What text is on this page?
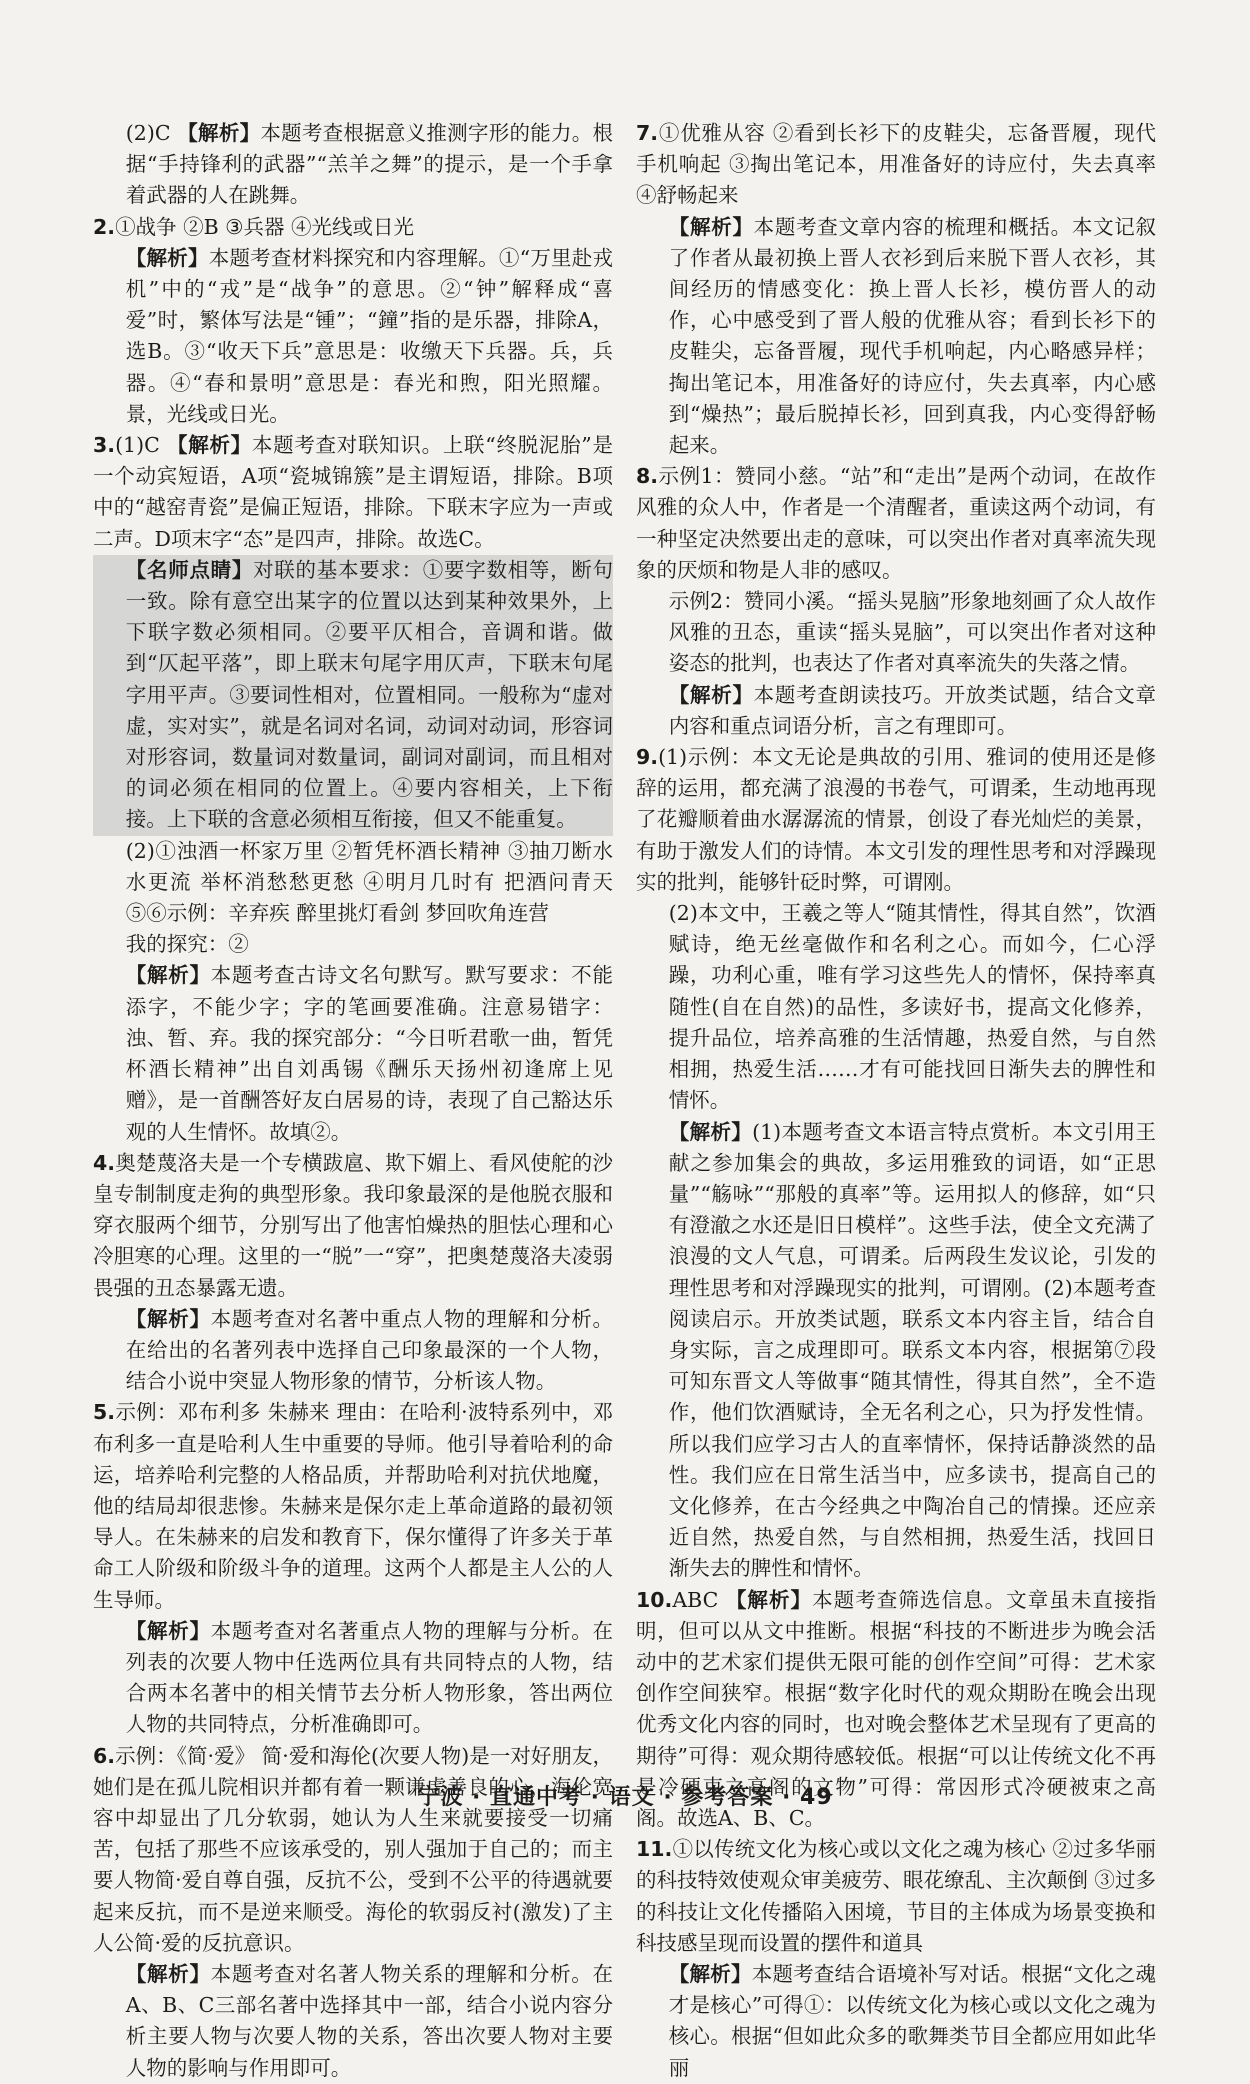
(2)C 【解析】本题考查根据意义推测字形的能力。根据“手持锋利的武器”“羔羊之舞”的提示，是一个手拿着武器的人在跳舞。

2.①战争 ②B ③兵器 ④光线或日光

【解析】本题考查材料探究和内容理解。①“万里赴戎机”中的“戎”是“战争”的意思。②“钟”解释成“喜爱”时，繁体写法是“锺”；“鐘”指的是乐器，排除A，选B。③“收天下兵”意思是：收缴天下兵器。兵，兵器。④“春和景明”意思是：春光和煦，阳光照耀。景，光线或日光。

3.(1)C 【解析】本题考查对联知识。上联“终脱泥胎”是一个动宾短语，A项“瓷城锦簇”是主谓短语，排除。B项中的“越窑青瓷”是偏正短语，排除。下联末字应为一声或二声。D项末字“态”是四声，排除。故选C。

【名师点睛】对联的基本要求：①要字数相等，断句一致。除有意空出某字的位置以达到某种效果外，上下联字数必须相同。②要平仄相合，音调和谐。做到“仄起平落”，即上联末句尾字用仄声，下联末句尾字用平声。③要词性相对，位置相同。一般称为“虚对虚，实对实”，就是名词对名词，动词对动词，形容词对形容词，数量词对数量词，副词对副词，而且相对的词必须在相同的位置上。④要内容相关，上下衔接。上下联的含意必须相互衔接，但又不能重复。

(2)①浊酒一杯家万里 ②暂凭杯酒长精神 ③抽刀断水水更流 举杯消愁愁更愁 ④明月几时有 把酒问青天 ⑤⑥示例：辛弃疾 醉里挑灯看剑 梦回吹角连营

我的探究：②

【解析】本题考查古诗文名句默写。默写要求：不能添字，不能少字；字的笔画要准确。注意易错字：浊、暂、弃。我的探究部分：“今日听君歌一曲，暂凭杯酒长精神”出自刘禹锡《酬乐天扬州初逢席上见赠》，是一首酬答好友白居易的诗，表现了自己豁达乐观的人生情怀。故填②。

4.奥楚蔑洛夫是一个专横跋扈、欺下媚上、看风使舵的沙皇专制制度走狗的典型形象。我印象最深的是他脱衣服和穿衣服两个细节，分别写出了他害怕燥热的胆怯心理和心冷胆寒的心理。这里的一“脱”一“穿”，把奥楚蔑洛夫凌弱畏强的丑态暴露无遗。

【解析】本题考查对名著中重点人物的理解和分析。在给出的名著列表中选择自己印象最深的一个人物，结合小说中突显人物形象的情节，分析该人物。

5.示例：邓布利多 朱赫来 理由：在哈利·波特系列中，邓布利多一直是哈利人生中重要的导师。他引导着哈利的命运，培养哈利完整的人格品质，并帮助哈利对抗伏地魔，他的结局却很悲惨。朱赫来是保尔走上革命道路的最初领导人。在朱赫来的启发和教育下，保尔懂得了许多关于革命工人阶级和阶级斗争的道理。这两个人都是主人公的人生导师。

【解析】本题考查对名著重点人物的理解与分析。在列表的次要人物中任选两位具有共同特点的人物，结合两本名著中的相关情节去分析人物形象，答出两位人物的共同特点，分析准确即可。

6.示例：《简·爱》 简·爱和海伦(次要人物)是一对好朋友，她们是在孤儿院相识并都有着一颗谦虚善良的心，海伦宽容中却显出了几分软弱，她认为人生来就要接受一切痛苦，包括了那些不应该承受的，别人强加于自己的；而主要人物简·爱自尊自强，反抗不公，受到不公平的待遇就要起来反抗，而不是逆来顺受。海伦的软弱反衬(激发)了主人公简·爱的反抗意识。

【解析】本题考查对名著人物关系的理解和分析。在A、B、C三部名著中选择其中一部，结合小说内容分析主要人物与次要人物的关系，答出次要人物对主要人物的影响与作用即可。

7.①优雅从容 ②看到长衫下的皮鞋尖，忘备晋履，现代手机响起 ③掏出笔记本，用准备好的诗应付，失去真率 ④舒畅起来

【解析】本题考查文章内容的梳理和概括。本文记叙了作者从最初换上晋人衣衫到后来脱下晋人衣衫，其间经历的情感变化：换上晋人长衫，模仿晋人的动作，心中感受到了晋人般的优雅从容；看到长衫下的皮鞋尖，忘备晋履，现代手机响起，内心略感异样；掏出笔记本，用准备好的诗应付，失去真率，内心感到“燥热”；最后脱掉长衫，回到真我，内心变得舒畅起来。

8.示例1：赞同小慈。“站”和“走出”是两个动词，在故作风雅的众人中，作者是一个清醒者，重读这两个动词，有一种坚定决然要出走的意味，可以突出作者对真率流失现象的厌烦和物是人非的感叹。

示例2：赞同小溪。“摇头晃脑”形象地刻画了众人故作风雅的丑态，重读“摇头晃脑”，可以突出作者对这种姿态的批判，也表达了作者对真率流失的失落之情。

【解析】本题考查朗读技巧。开放类试题，结合文章内容和重点词语分析，言之有理即可。

9.(1)示例：本文无论是典故的引用、雅词的使用还是修辞的运用，都充满了浪漫的书卷气，可谓柔，生动地再现了花瓣顺着曲水潺潺流的情景，创设了春光灿烂的美景，有助于激发人们的诗情。本文引发的理性思考和对浮躁现实的批判，能够针砭时弊，可谓刚。

(2)本文中，王羲之等人“随其情性，得其自然”，饮酒赋诗，绝无丝毫做作和名利之心。而如今，仁心浮躁，功利心重，唯有学习这些先人的情怀，保持率真随性(自在自然)的品性，多读好书，提高文化修养，提升品位，培养高雅的生活情趣，热爱自然，与自然相拥，热爱生活……才有可能找回日渐失去的脾性和情怀。

【解析】(1)本题考查文本语言特点赏析。本文引用王献之参加集会的典故，多运用雅致的词语，如“正思量”“觞咏”“那般的真率”等。运用拟人的修辞，如“只有澄澈之水还是旧日模样”。这些手法，使全文充满了浪漫的文人气息，可谓柔。后两段生发议论，引发的理性思考和对浮躁现实的批判，可谓刚。(2)本题考查阅读启示。开放类试题，联系文本内容主旨，结合自身实际，言之成理即可。联系文本内容，根据第⑦段可知东晋文人等做事“随其情性，得其自然”，全不造作，他们饮酒赋诗，全无名利之心，只为抒发性情。所以我们应学习古人的直率情怀，保持话静淡然的品性。我们应在日常生活当中，应多读书，提高自己的文化修养，在古今经典之中陶冶自己的情操。还应亲近自然，热爱自然，与自然相拥，热爱生活，找回日渐失去的脾性和情怀。

10.ABC 【解析】本题考查筛选信息。文章虽未直接指明，但可以从文中推断。根据“科技的不断进步为晚会活动中的艺术家们提供无限可能的创作空间”可得：艺术家创作空间狭窄。根据“数字化时代的观众期盼在晚会出现优秀文化内容的同时，也对晚会整体艺术呈现有了更高的期待”可得：观众期待感较低。根据“可以让传统文化不再是冷硬束之高阁的文物”可得：常因形式冷硬被束之高阁。故选A、B、C。

11.①以传统文化为核心或以文化之魂为核心 ②过多华丽的科技特效使观众审美疲劳、眼花缭乱、主次颠倒 ③过多的科技让文化传播陷入困境，节目的主体成为场景变换和科技感呈现而设置的摆件和道具

【解析】本题考查结合语境补写对话。根据“文化之魂才是核心”可得①：以传统文化为核心或以文化之魂为核心。根据“但如此众多的歌舞类节目全都应用如此华丽

宁波 · 直通中考 · 语文 · 参考答案 · 49
